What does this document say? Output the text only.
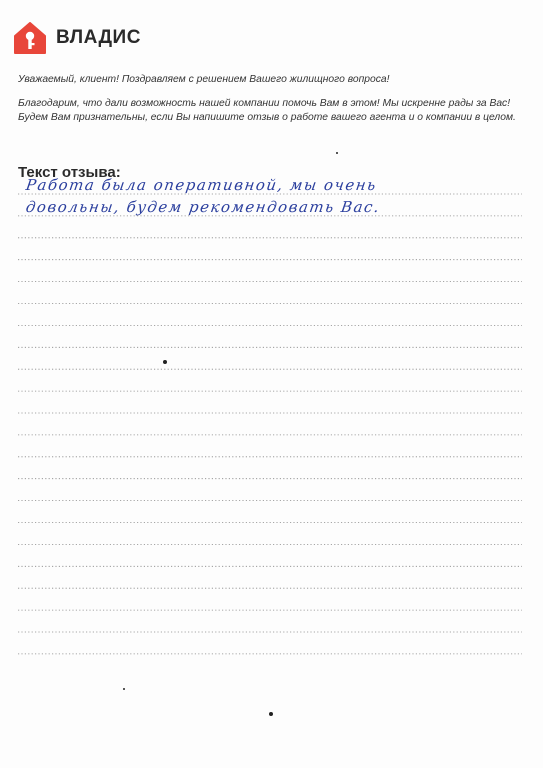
ВЛАДИС
Уважаемый, клиент! Поздравляем с решением Вашего жилищного вопроса!
Благодарим, что дали возможность нашей компании помочь Вам в этом! Мы искренне рады за Вас! Будем Вам признательны, если Вы напишите отзыв о работе вашего агента и о компании в целом.
Текст отзыва:
Работа была оперативной, мы очень
довольны, будем рекомендовать Вас.
